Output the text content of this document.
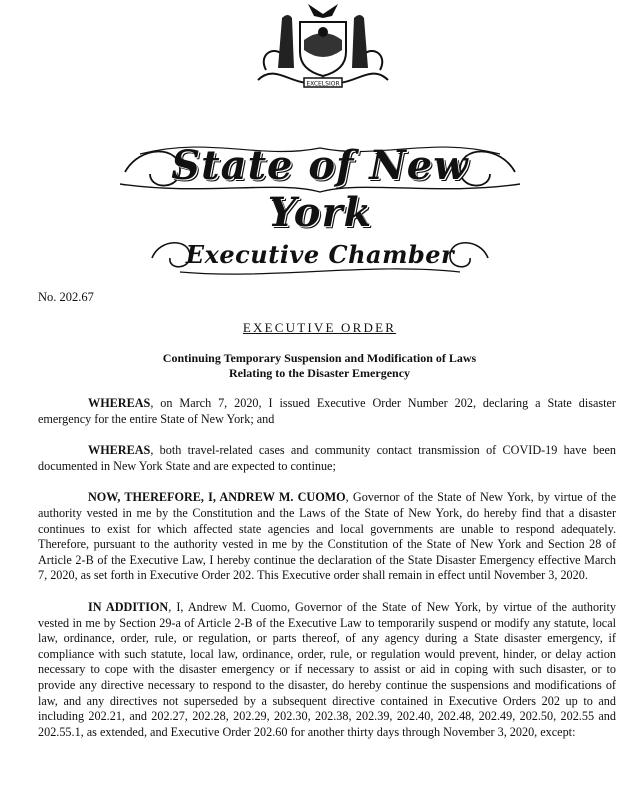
EXCELSIOR
State of New York
Executive Chamber
No. 202.67
EXECUTIVE ORDER
Continuing Temporary Suspension and Modification of Laws
Relating to the Disaster Emergency

WHEREAS, on March 7, 2020, I issued Executive Order Number 202, declaring a State disaster emergency for the entire State of New York; and

WHEREAS, both travel-related cases and community contact transmission of COVID-19 have been documented in New York State and are expected to continue;

NOW, THEREFORE, I, ANDREW M. CUOMO, Governor of the State of New York, by virtue of the authority vested in me by the Constitution and the Laws of the State of New York, do hereby find that a disaster continues to exist for which affected state agencies and local governments are unable to respond adequately. Therefore, pursuant to the authority vested in me by the Constitution of the State of New York and Section 28 of Article 2-B of the Executive Law, I hereby continue the declaration of the State Disaster Emergency effective March 7, 2020, as set forth in Executive Order 202. This Executive order shall remain in effect until November 3, 2020.

IN ADDITION, I, Andrew M. Cuomo, Governor of the State of New York, by virtue of the authority vested in me by Section 29-a of Article 2-B of the Executive Law to temporarily suspend or modify any statute, local law, ordinance, order, rule, or regulation, or parts thereof, of any agency during a State disaster emergency, if compliance with such statute, local law, ordinance, order, rule, or regulation would prevent, hinder, or delay action necessary to cope with the disaster emergency or if necessary to assist or aid in coping with such disaster, or to provide any directive necessary to respond to the disaster, do hereby continue the suspensions and modifications of law, and any directives not superseded by a subsequent directive contained in Executive Orders 202 up to and including 202.21, and 202.27, 202.28, 202.29, 202.30, 202.38, 202.39, 202.40, 202.48, 202.49, 202.50, 202.55 and 202.55.1, as extended, and Executive Order 202.60 for another thirty days through November 3, 2020, except:
